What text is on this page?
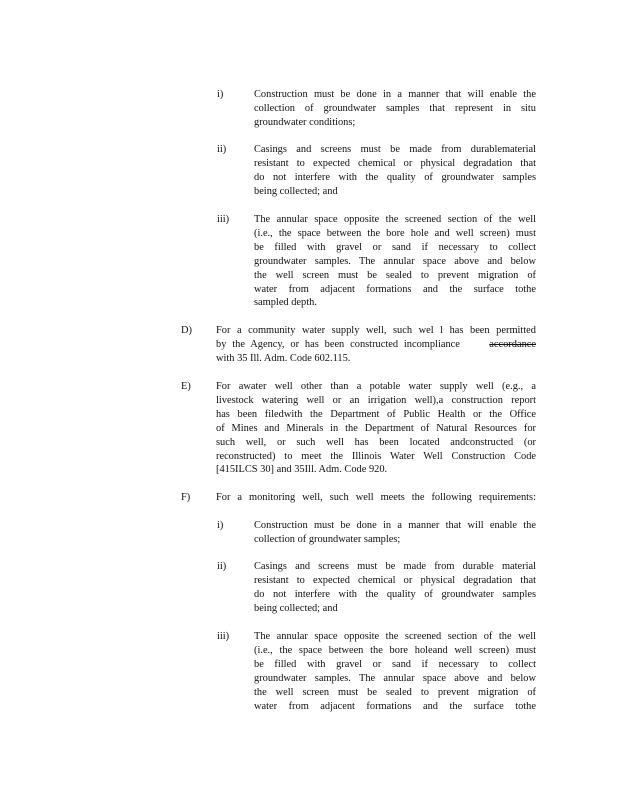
i)	Construction must be done in a manner that will enable the
collection of groundwater samples that represent in situ
groundwater conditions;
ii)	Casings and screens must be made from durablematerial
resistant to expected chemical or physical degradation that
do not interfere with the quality of groundwater samples
being collected; and
iii) The annular space opposite the screened section of the well
(i.e., the space between the bore hole and well screen) must
be filled with gravel or sand if necessary to collect
groundwater samples. The annular space above and below
the well screen must be sealed to prevent migration of
water from adjacent formations and the surface tothe
sampled depth.
D) For a community water supply well, such wel l has been permitted
by the Agency, or has been constructed incompliance	accordance
with 35 Ill. Adm. Code 602.115.
E) For awater well other than a potable water supply well (e.g., a
livestock watering well or an irrigation well),a construction report
has been filedwith the Department of Public Health or the Office
of Mines and Minerals in the Department of Natural Resources for
such well, or such well has been located andconstructed (or
reconstructed) to meet the Illinois Water Well Construction Code
[415ILCS 30] and 35Ill. Adm. Code 920.
F) For a monitoring well, such well meets the following requirements:
i)	Construction must be done in a manner that will enable the
collection of groundwater samples;
ii)	Casings and screens must be made from durable material
resistant to expected chemical or physical degradation that
do not interfere with the quality of groundwater samples
being collected; and
iii) The annular space opposite the screened section of the well
(i.e., the space between the bore holeand well screen) must
be filled with gravel or sand if necessary to collect
groundwater samples. The annular space above and below
the well screen must be sealed to prevent migration of
water from adjacent formations and the surface tothe
